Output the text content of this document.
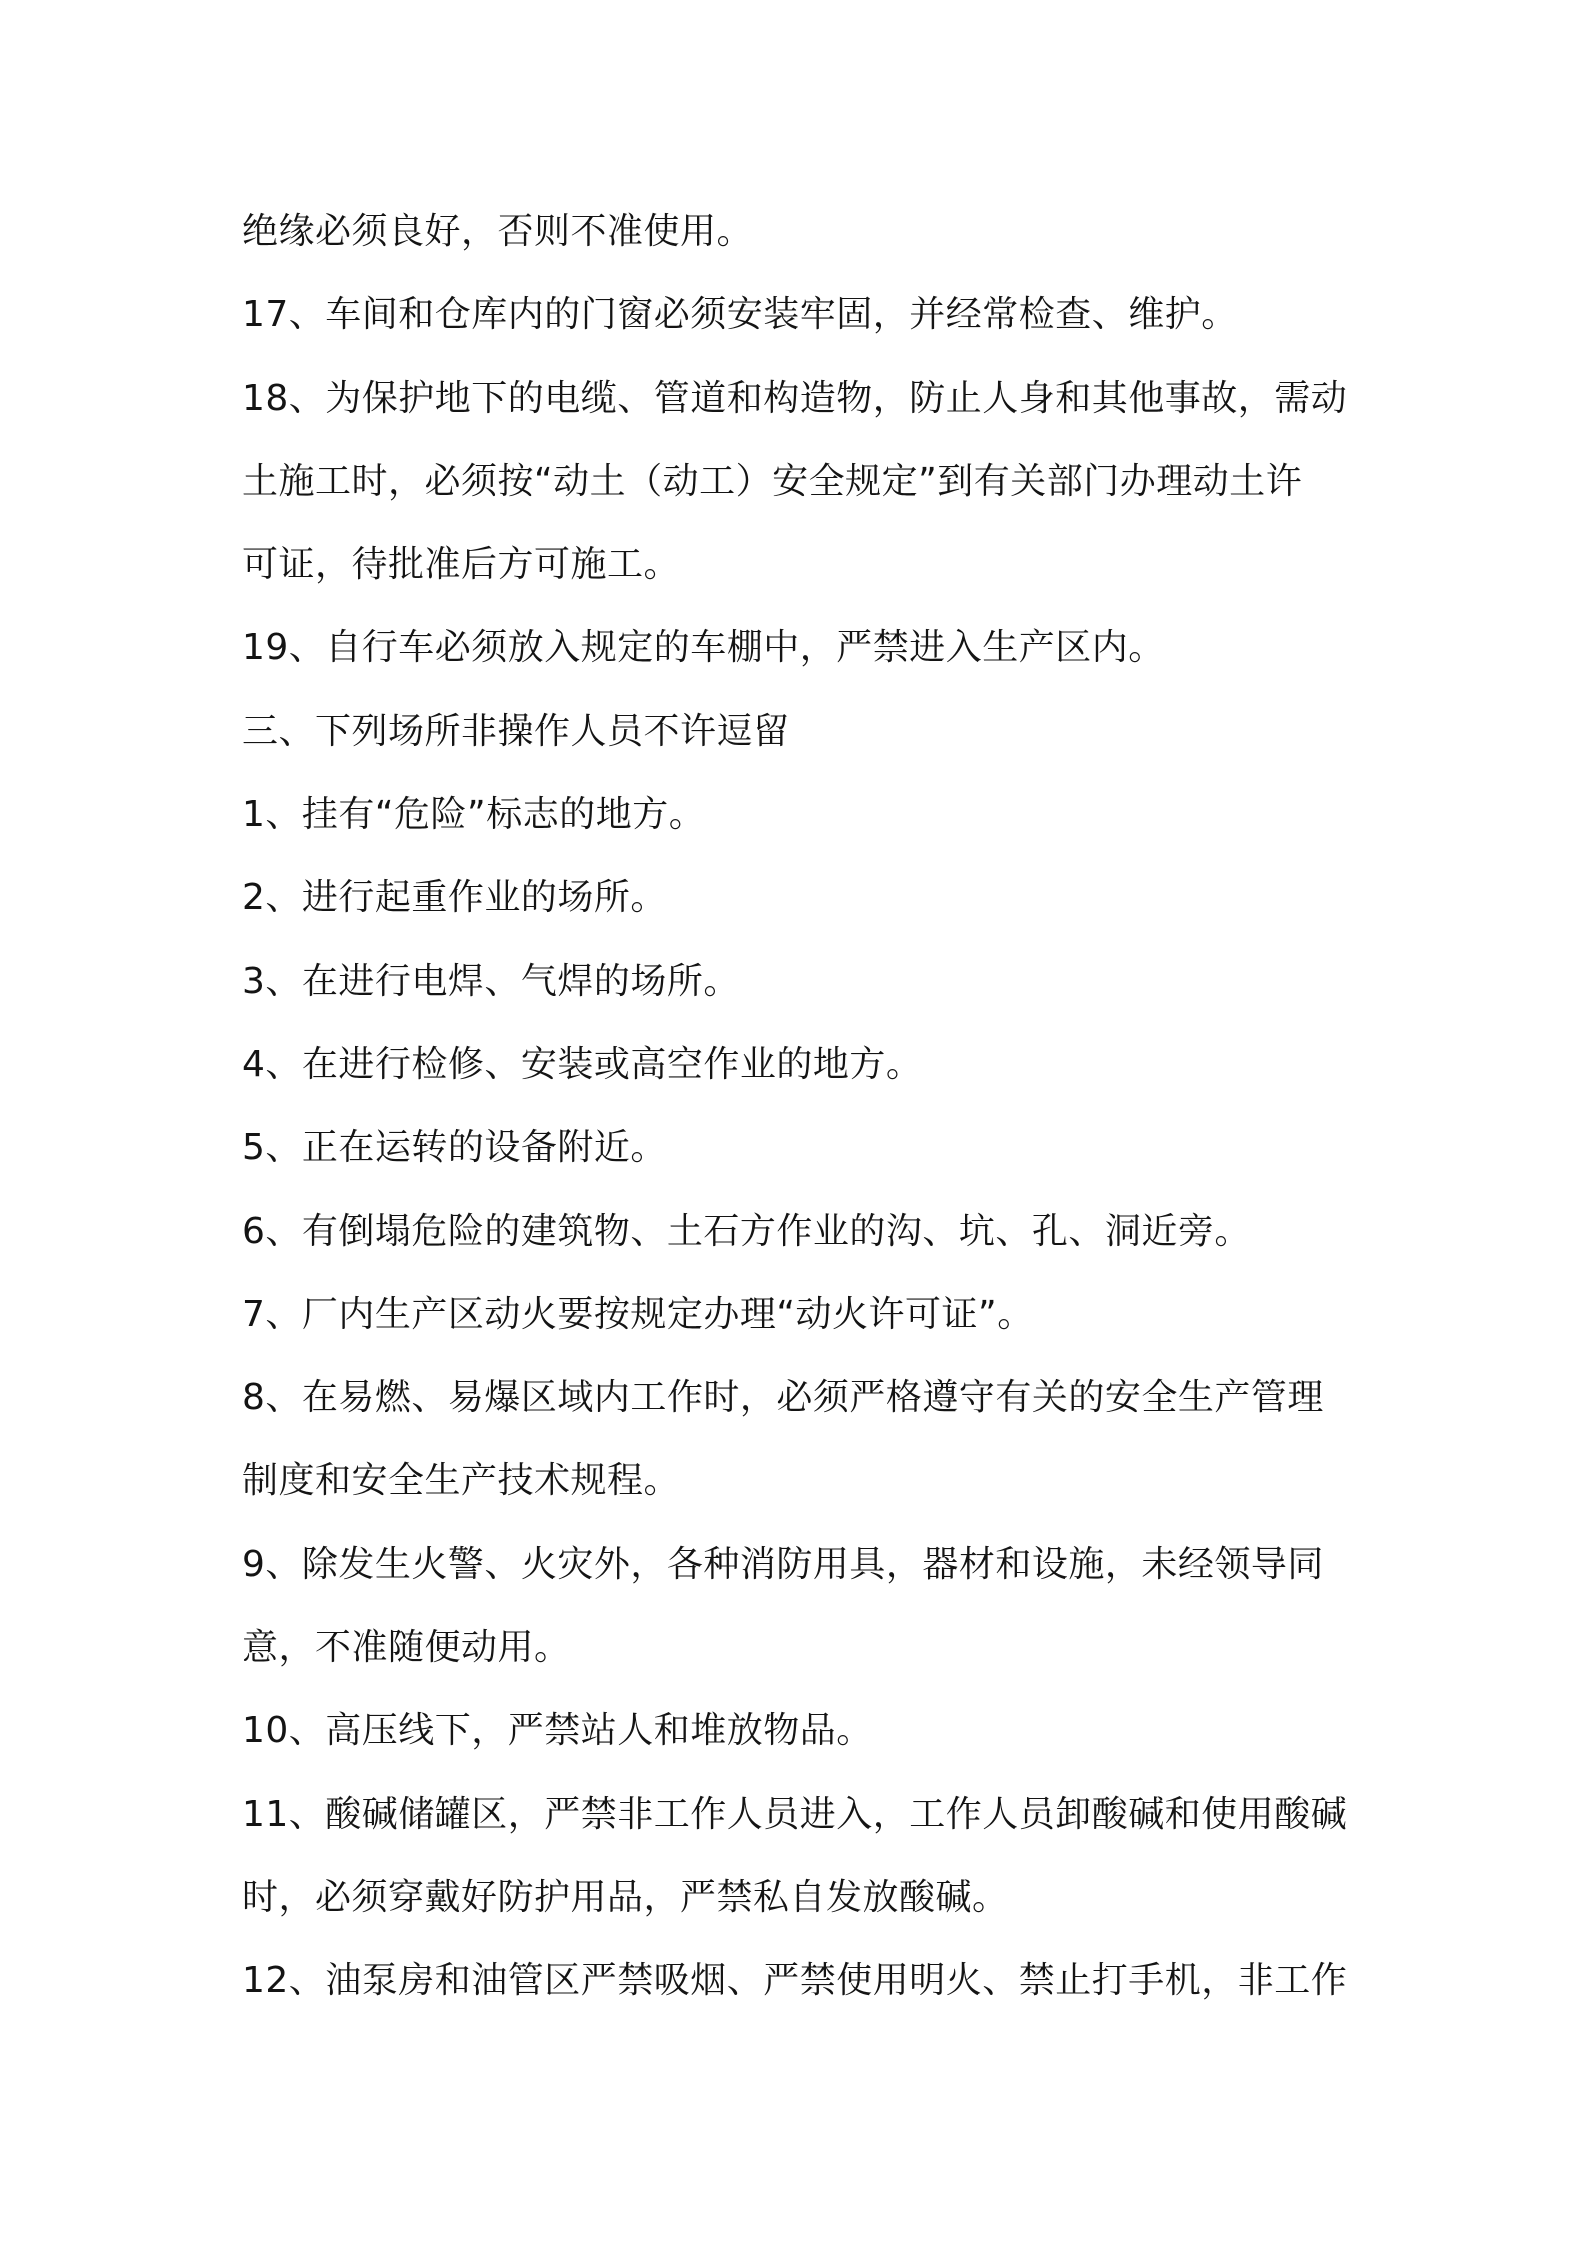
绝缘必须良好，否则不准使用。
17、车间和仓库内的门窗必须安装牢固，并经常检查、维护。
18、为保护地下的电缆、管道和构造物，防止人身和其他事故，需动
土施工时，必须按“动土（动工）安全规定”到有关部门办理动土许
可证，待批准后方可施工。
19、自行车必须放入规定的车棚中，严禁进入生产区内。
三、下列场所非操作人员不许逗留
1、挂有“危险”标志的地方。
2、进行起重作业的场所。
3、在进行电焊、气焊的场所。
4、在进行检修、安装或高空作业的地方。
5、正在运转的设备附近。
6、有倒塌危险的建筑物、土石方作业的沟、坑、孔、洞近旁。
7、厂内生产区动火要按规定办理“动火许可证”。
8、在易燃、易爆区域内工作时，必须严格遵守有关的安全生产管理
制度和安全生产技术规程。
9、除发生火警、火灾外，各种消防用具，器材和设施，未经领导同
意，不准随便动用。
10、高压线下，严禁站人和堆放物品。
11、酸碱储罐区，严禁非工作人员进入，工作人员卸酸碱和使用酸碱
时，必须穿戴好防护用品，严禁私自发放酸碱。
12、油泵房和油管区严禁吸烟、严禁使用明火、禁止打手机，非工作
